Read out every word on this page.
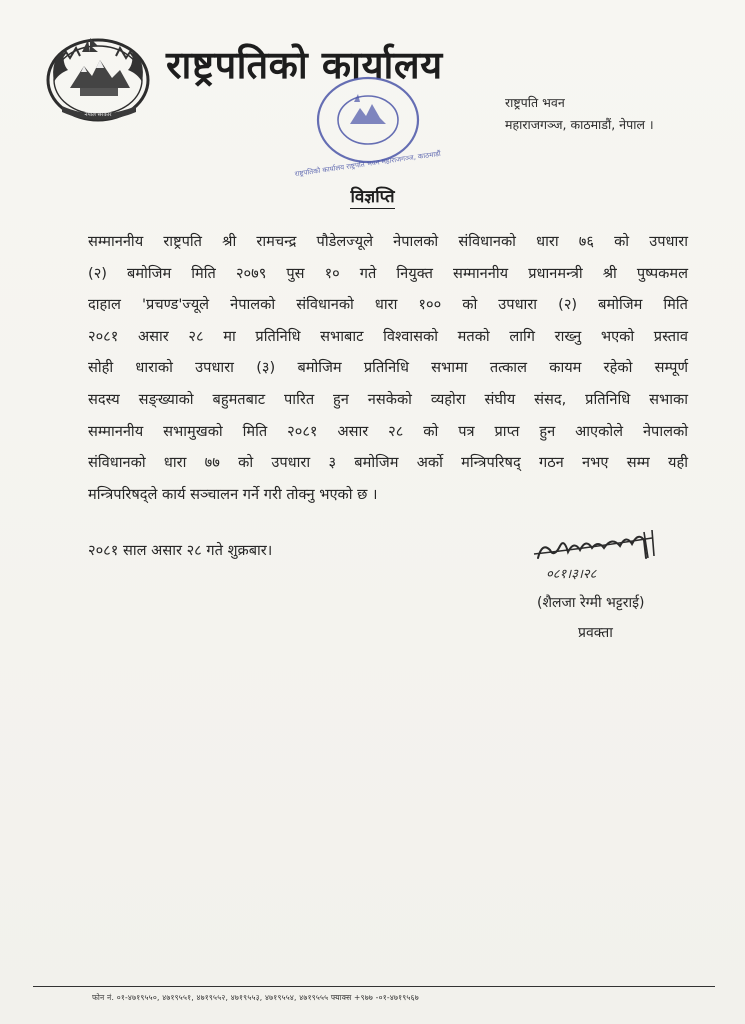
नेपाल सरकार
राष्ट्रपतिको कार्यालय
राष्ट्रपतिको कार्यालय राष्ट्रपति भवन महाराजगञ्ज, काठमाडौं
राष्ट्रपति भवन
महाराजगञ्ज, काठमाडौं, नेपाल ।
विज्ञप्ति
सम्माननीय राष्ट्रपति श्री रामचन्द्र पौडेलज्यूले नेपालको संविधानको धारा ७६ को उपधारा
(२) बमोजिम मिति २०७९ पुस १० गते नियुक्त सम्माननीय प्रधानमन्त्री श्री पुष्पकमल
दाहाल 'प्रचण्ड'ज्यूले नेपालको संविधानको धारा १०० को उपधारा (२) बमोजिम मिति
२०८१ असार २८ मा प्रतिनिधि सभाबाट विश्वासको मतको लागि राख्नु भएको प्रस्ताव
सोही धाराको उपधारा (३) बमोजिम प्रतिनिधि सभामा तत्काल कायम रहेको सम्पूर्ण
सदस्य सङ्ख्याको बहुमतबाट पारित हुन नसकेको व्यहोरा संघीय संसद, प्रतिनिधि सभाका
सम्माननीय सभामुखको मिति २०८१ असार २८ को पत्र प्राप्त हुन आएकोले नेपालको
संविधानको धारा ७७ को उपधारा ३ बमोजिम अर्को मन्त्रिपरिषद् गठन नभए सम्म यही
मन्त्रिपरिषद्ले कार्य सञ्चालन गर्ने गरी तोक्नु भएको छ ।
२०८१ साल असार २८ गते शुक्रबार।
०८१।३।२८
(शैलजा रेग्मी भट्टराई)
प्रवक्ता
फोन नं. ०१-४७१९५५०, ४७१९५५१, ४७१९५५२, ४७१९५५३, ४७१९५५४, ४७१९५५५ फ्याक्स +९७७ -०१-४७१९५६७
